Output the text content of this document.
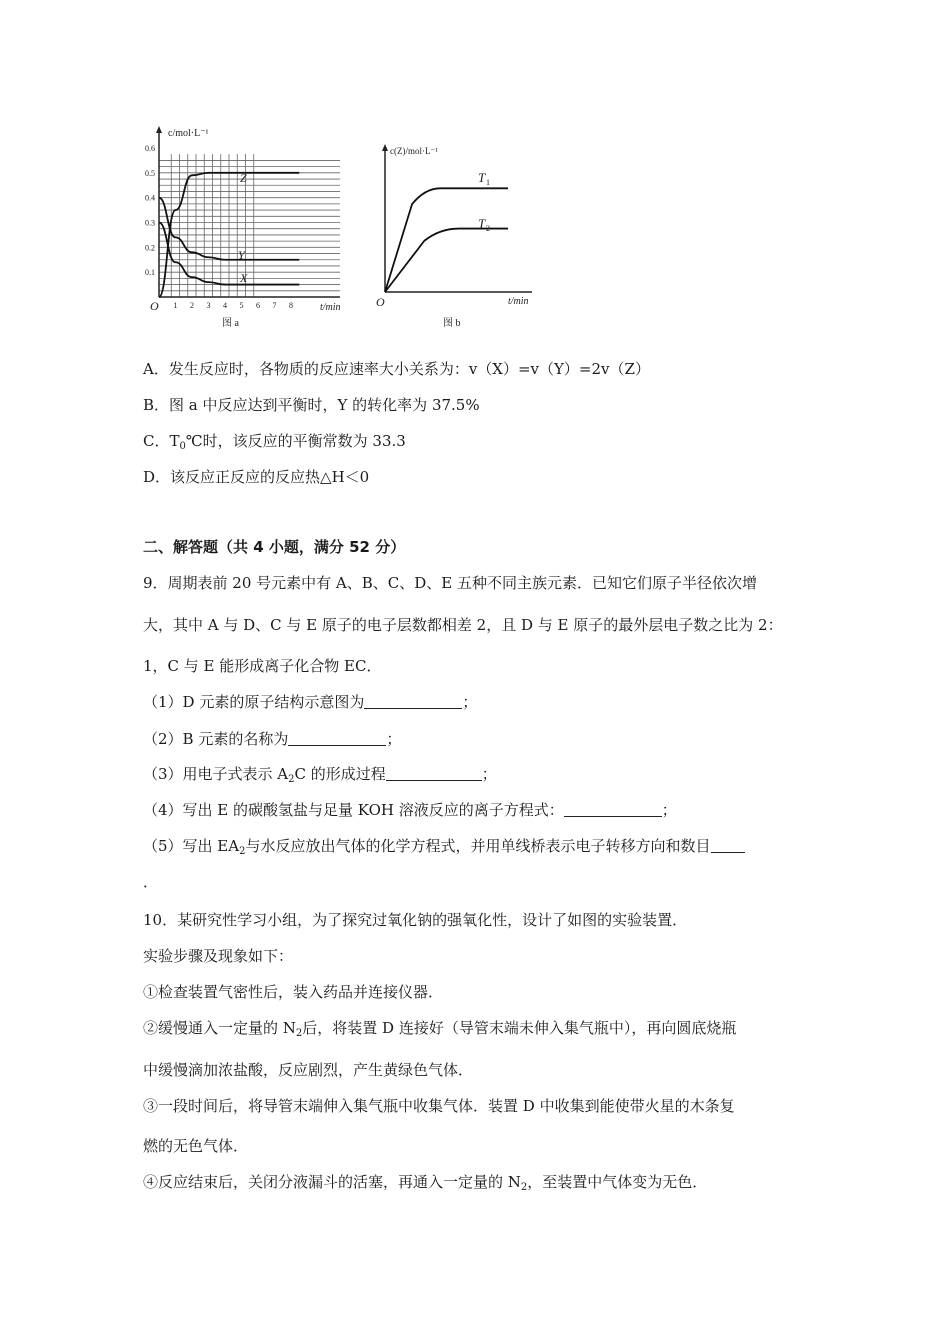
c/mol·L⁻¹
t/min
O
图 a
0.1
0.2
0.3
0.4
0.5
0.6
1 2 3 4 5 6 7 8
Z
Y
X
c(Z)/mol·L⁻¹
t/min
O
图 b
T 1
T 2
A．发生反应时，各物质的反应速率大小关系为：v（X）=v（Y）=2v（Z）
B．图 a 中反应达到平衡时，Y 的转化率为 37.5%
C．$T_0℃$时，该反应的平衡常数为 33.3
D．该反应正反应的反应热△H＜0
二、解答题（共 4 小题，满分 52 分）
9．周期表前 20 号元素中有 A、B、C、D、E 五种不同主族元素．已知它们原子半径依次增
大，其中 A 与 D、C 与 E 原子的电子层数都相差 2，且 D 与 E 原子的最外层电子数之比为 2：
1，C 与 E 能形成离子化合物 EC．
（1）D 元素的原子结构示意图为	；
（2）B 元素的名称为	；
（3）用电子式表示 $A_2C$ 的形成过程	；
（4）写出 E 的碳酸氢盐与足量 KOH 溶液反应的离子方程式：	；
（5）写出 $EA_2$与水反应放出气体的化学方程式，并用单线桥表示电子转移方向和数目
．
10．某研究性学习小组，为了探究过氧化钠的强氧化性，设计了如图的实验装置．
实验步骤及现象如下：
①检查装置气密性后，装入药品并连接仪器．
②缓慢通入一定量的 $N_2$后，将装置 D 连接好（导管末端未伸入集气瓶中），再向圆底烧瓶
中缓慢滴加浓盐酸，反应剧烈，产生黄绿色气体．
③一段时间后，将导管末端伸入集气瓶中收集气体．装置 D 中收集到能使带火星的木条复
燃的无色气体．
④反应结束后，关闭分液漏斗的活塞，再通入一定量的 $N_2$，至装置中气体变为无色．
